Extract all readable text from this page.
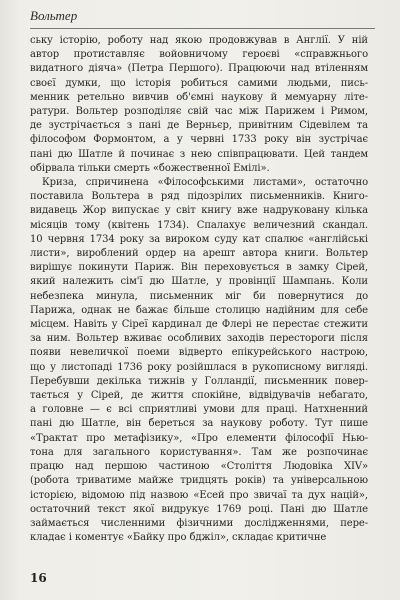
Вольтер
ську історію, роботу над якою продовжував в Англії. У ній
автор протиставляє войовничому героєві «справжнього
видатного діяча» (Петра Першого). Працюючи над втіленням
своєї думки, що історія робиться самими людьми, пись-
менник ретельно вивчив об'ємні наукову й мемуарну літе-
ратури. Вольтер розподіляє свій час між Парижем і Римом,
де зустрічається з пані де Верньєр, привітним Сідевілем та
філософом Формонтом, а у червні 1733 року він зустрічає
пані дю Шатле й починає з нею співпрацювати. Цей тандем
обірвала тільки смерть «божественної Емілі».
Криза, спричинена «Філософськими листами», остаточно
поставила Вольтера в ряд підозрілих письменників. Книго-
видавець Жор випускає у світ книгу вже надруковану кілька
місяців тому (квітень 1734). Спалахує величезний скандал.
10 червня 1734 року за вироком суду кат спалює «англійські
листи», вироблений ордер на арешт автора книги. Вольтер
вирішує покинути Париж. Він переховується в замку Сірей,
який належить сім'ї дю Шатле, у провінції Шампань. Коли
небезпека минула, письменник міг би повернутися до
Парижа, однак не бажає більше столицю надійним для себе
місцем. Навіть у Сіреї кардинал де Флері не перестає стежити
за ним. Вольтер вживає особливих заходів перестороги після
появи невеличкої поеми відверто епікурейського настрою,
що у листопаді 1736 року розійшлася в рукописному вигляді.
Перебувши декілька тижнів у Голландії, письменник повер-
тається у Сірей, де життя спокійне, відвідувачів небагато,
а головне — є всі сприятливі умови для праці. Натхненний
пані дю Шатле, він береться за наукову роботу. Тут пише
«Трактат про метафізику», «Про елементи філософії Нью-
тона для загального користування». Там же розпочинає
працю над першою частиною «Століття Людовіка XIV»
(робота триватиме майже тридцять років) та універсальною
історією, відомою під назвою «Есей про звичаї та дух націй»,
остаточний текст якої видрукує 1769 році. Пані дю Шатле
займається численними фізичними дослідженнями, пере-
кладає і коментує «Байку про бджіл», складає критичне
16
